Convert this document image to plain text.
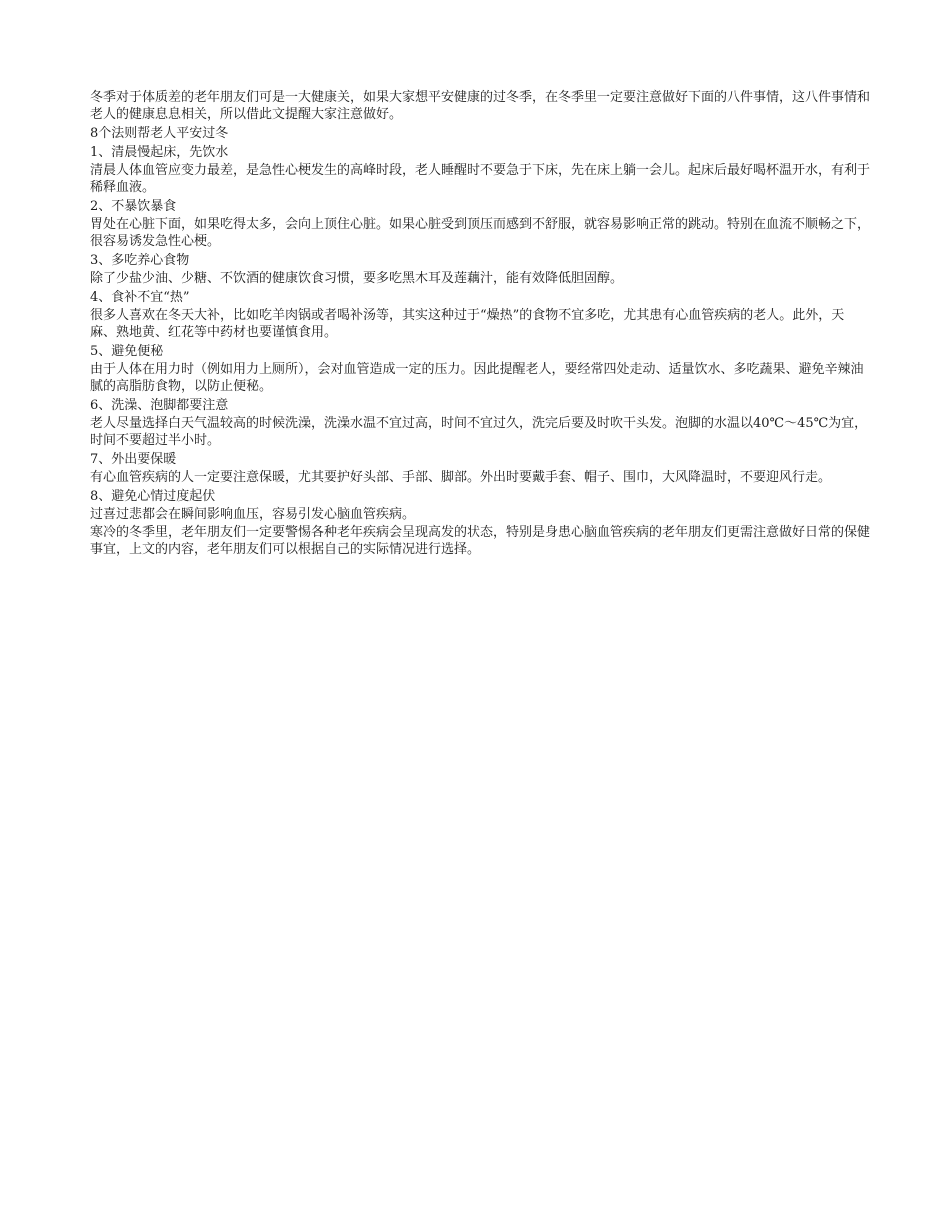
冬季对于体质差的老年朋友们可是一大健康关，如果大家想平安健康的过冬季，在冬季里一定要注意做好下面的八件事情，这八件事情和老人的健康息息相关，所以借此文提醒大家注意做好。

8个法则帮老人平安过冬

1、清晨慢起床，先饮水

清晨人体血管应变力最差，是急性心梗发生的高峰时段，老人睡醒时不要急于下床，先在床上躺一会儿。起床后最好喝杯温开水，有利于稀释血液。

2、不暴饮暴食

胃处在心脏下面，如果吃得太多，会向上顶住心脏。如果心脏受到顶压而感到不舒服，就容易影响正常的跳动。特别在血流不顺畅之下，很容易诱发急性心梗。

3、多吃养心食物

除了少盐少油、少糖、不饮酒的健康饮食习惯，要多吃黑木耳及莲藕汁，能有效降低胆固醇。

4、食补不宜“热”

很多人喜欢在冬天大补，比如吃羊肉锅或者喝补汤等，其实这种过于“燥热”的食物不宜多吃，尤其患有心血管疾病的老人。此外，天麻、熟地黄、红花等中药材也要谨慎食用。

5、避免便秘

由于人体在用力时（例如用力上厕所），会对血管造成一定的压力。因此提醒老人，要经常四处走动、适量饮水、多吃蔬果、避免辛辣油腻的高脂肪食物，以防止便秘。

6、洗澡、泡脚都要注意

老人尽量选择白天气温较高的时候洗澡，洗澡水温不宜过高，时间不宜过久，洗完后要及时吹干头发。泡脚的水温以40℃～45℃为宜，时间不要超过半小时。

7、外出要保暖

有心血管疾病的人一定要注意保暖，尤其要护好头部、手部、脚部。外出时要戴手套、帽子、围巾，大风降温时，不要迎风行走。

8、避免心情过度起伏

过喜过悲都会在瞬间影响血压，容易引发心脑血管疾病。

寒冷的冬季里，老年朋友们一定要警惕各种老年疾病会呈现高发的状态，特别是身患心脑血管疾病的老年朋友们更需注意做好日常的保健事宜，上文的内容，老年朋友们可以根据自己的实际情况进行选择。
